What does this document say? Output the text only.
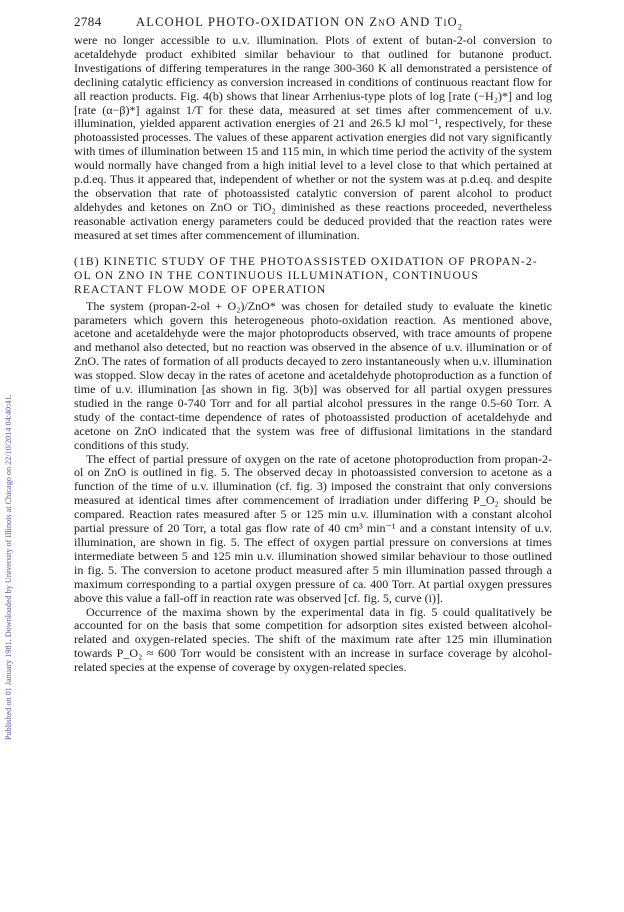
Published on 01 January 1981. Downloaded by University of Illinois at Chicago on 22/10/2014 04:40:41.
2784	ALCOHOL PHOTO-OXIDATION ON ZnO AND TiO$_2$

were no longer accessible to u.v. illumination. Plots of extent of butan-2-ol conversion to acetaldehyde product exhibited similar behaviour to that outlined for butanone product. Investigations of differing temperatures in the range 300-360 K all demonstrated a persistence of declining catalytic efficiency as conversion increased in conditions of continuous reactant flow for all reaction products. Fig. 4(b) shows that linear Arrhenius-type plots of log [rate (−H₂)*] and log [rate (α−β)*] against 1/T for these data, measured at set times after commencement of u.v. illumination, yielded apparent activation energies of 21 and 26.5 kJ mol⁻¹, respectively, for these photoassisted processes. The values of these apparent activation energies did not vary significantly with times of illumination between 15 and 115 min, in which time period the activity of the system would normally have changed from a high initial level to a level close to that which pertained at p.d.eq. Thus it appeared that, independent of whether or not the system was at p.d.eq. and despite the observation that rate of photoassisted catalytic conversion of parent alcohol to product aldehydes and ketones on ZnO or TiO₂ diminished as these reactions proceeded, nevertheless reasonable activation energy parameters could be deduced provided that the reaction rates were measured at set times after commencement of illumination.

(1B) KINETIC STUDY OF THE PHOTOASSISTED OXIDATION OF PROPAN-2-OL ON ZNO IN THE CONTINUOUS ILLUMINATION, CONTINUOUS REACTANT FLOW MODE OF OPERATION

The system (propan-2-ol + O₂)/ZnO* was chosen for detailed study to evaluate the kinetic parameters which govern this heterogeneous photo-oxidation reaction. As mentioned above, acetone and acetaldehyde were the major photoproducts observed, with trace amounts of propene and methanol also detected, but no reaction was observed in the absence of u.v. illumination or of ZnO. The rates of formation of all products decayed to zero instantaneously when u.v. illumination was stopped. Slow decay in the rates of acetone and acetaldehyde photoproduction as a function of time of u.v. illumination [as shown in fig. 3(b)] was observed for all partial oxygen pressures studied in the range 0-740 Torr and for all partial alcohol pressures in the range 0.5-60 Torr. A study of the contact-time dependence of rates of photoassisted production of acetaldehyde and acetone on ZnO indicated that the system was free of diffusional limitations in the standard conditions of this study.

The effect of partial pressure of oxygen on the rate of acetone photoproduction from propan-2-ol on ZnO is outlined in fig. 5. The observed decay in photoassisted conversion to acetone as a function of the time of u.v. illumination (cf. fig. 3) imposed the constraint that only conversions measured at identical times after commencement of irradiation under differing P_O₂ should be compared. Reaction rates measured after 5 or 125 min u.v. illumination with a constant alcohol partial pressure of 20 Torr, a total gas flow rate of 40 cm³ min⁻¹ and a constant intensity of u.v. illumination, are shown in fig. 5. The effect of oxygen partial pressure on conversions at times intermediate between 5 and 125 min u.v. illumination showed similar behaviour to those outlined in fig. 5. The conversion to acetone product measured after 5 min illumination passed through a maximum corresponding to a partial oxygen pressure of ca. 400 Torr. At partial oxygen pressures above this value a fall-off in reaction rate was observed [cf. fig. 5, curve (i)].

Occurrence of the maxima shown by the experimental data in fig. 5 could qualitatively be accounted for on the basis that some competition for adsorption sites existed between alcohol-related and oxygen-related species. The shift of the maximum rate after 125 min illumination towards P_O₂ ≈ 600 Torr would be consistent with an increase in surface coverage by alcohol-related species at the expense of coverage by oxygen-related species.
